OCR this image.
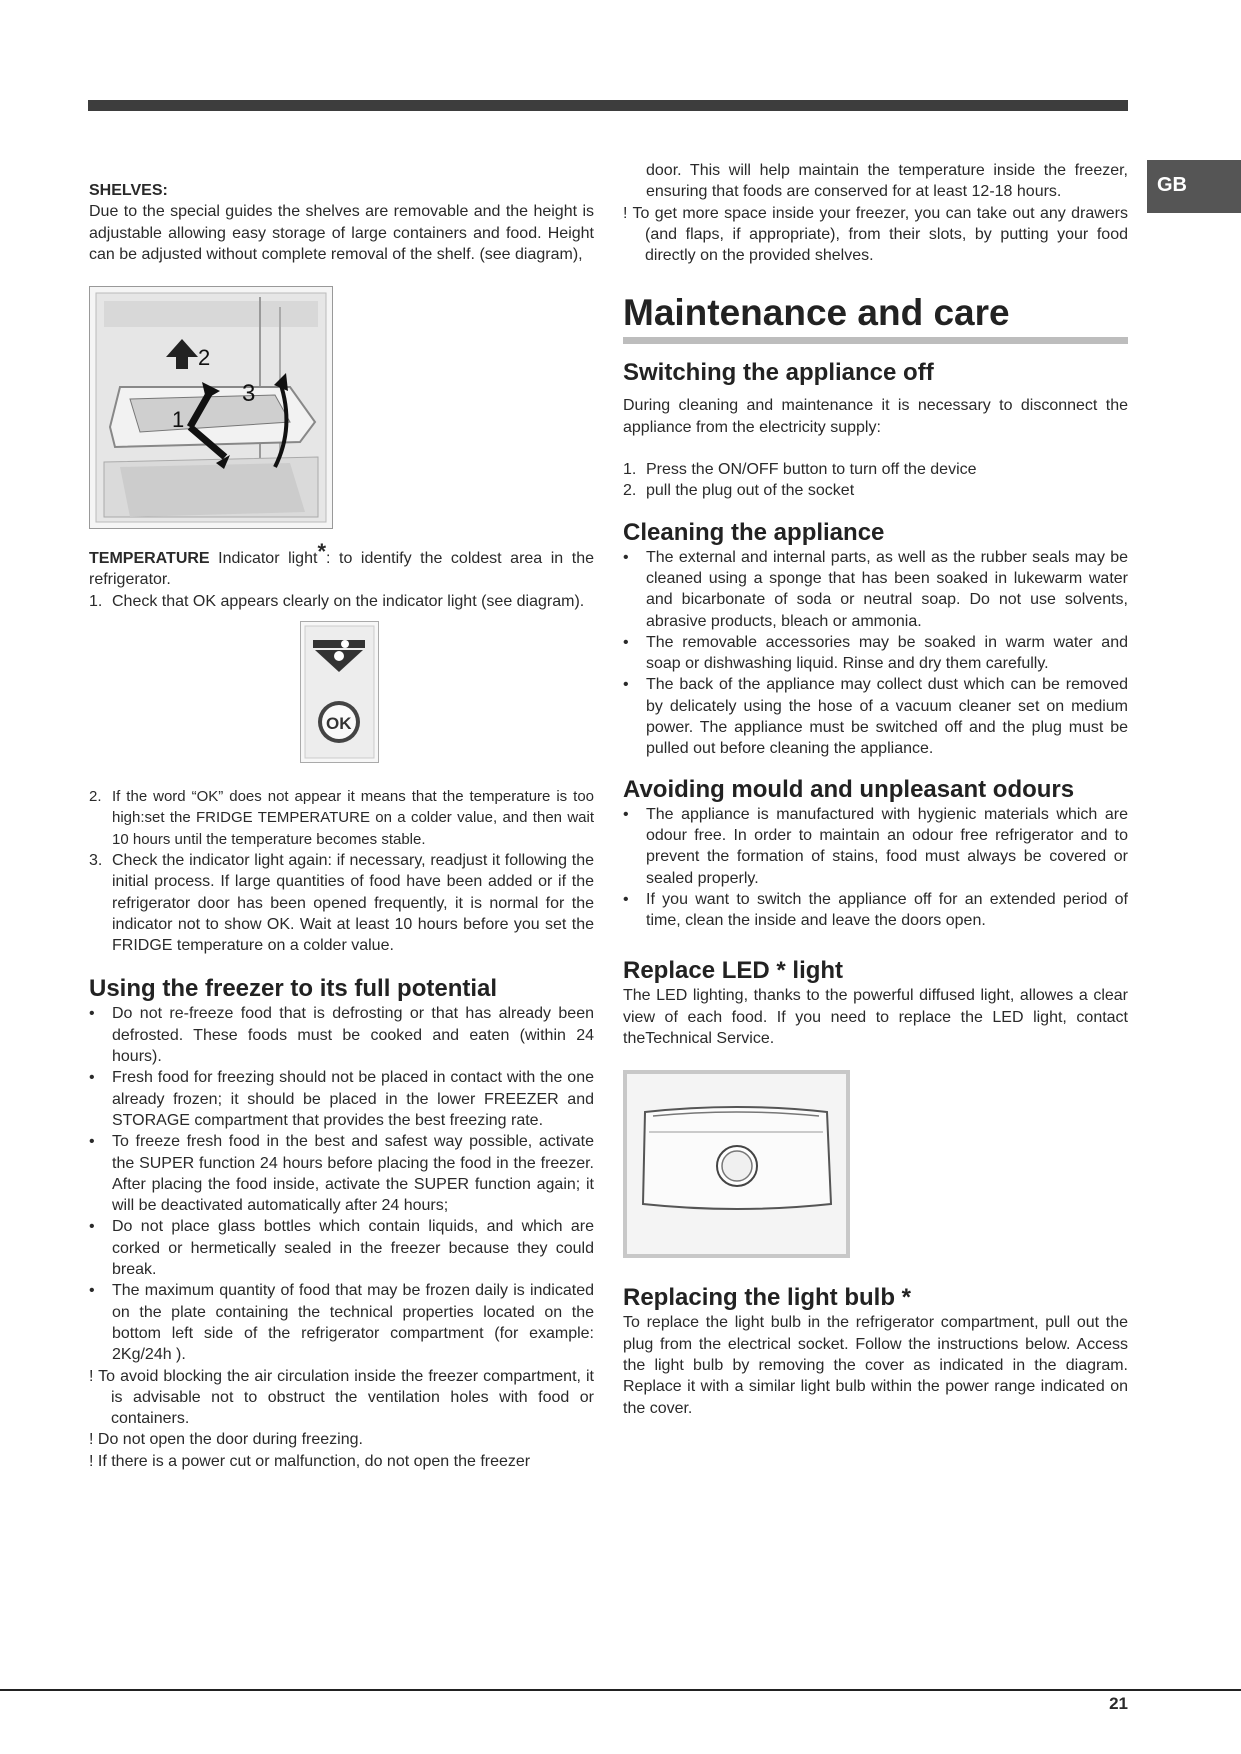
GB

SHELVES:

Due to the special guides the shelves are removable and the height is adjustable allowing easy storage of large containers and food. Height can be adjusted without complete removal of the shelf. (see diagram),

2
3
1

TEMPERATURE Indicator light*: to identify the coldest area in the refrigerator.

1. Check that OK appears clearly on the indicator light (see diagram).
OK
2. If the word “OK” does not appear it means that the temperature is too high:set the FRIDGE TEMPERATURE on a colder value, and then wait 10 hours until the temperature becomes stable.
3. Check the indicator light again: if necessary, readjust it following the initial process. If large quantities of food have been added or if the refrigerator door has been opened frequently, it is normal for the indicator not to show OK. Wait at least 10 hours before you set the FRIDGE temperature on a colder value.
Using the freezer to its full potential
• Do not re-freeze food that is defrosting or that has already been defrosted. These foods must be cooked and eaten (within 24 hours).
• Fresh food for freezing should not be placed in contact with the one already frozen; it should be placed in the lower FREEZER and STORAGE compartment that provides the best freezing rate.
• To freeze fresh food in the best and safest way possible, activate the SUPER function 24 hours before placing the food in the freezer. After placing the food inside, activate the SUPER function again; it will be deactivated automatically after 24 hours;
• Do not place glass bottles which contain liquids, and which are corked or hermetically sealed in the freezer because they could break.
• The maximum quantity of food that may be frozen daily is indicated on the plate containing the technical properties located on the bottom left side of the refrigerator compartment (for example: 2Kg/24h ).

! To avoid blocking the air circulation inside the freezer compartment, it is advisable not to obstruct the ventilation holes with food or containers.

! Do not open the door during freezing.

! If there is a power cut or malfunction, do not open the freezer

door. This will help maintain the temperature inside the freezer, ensuring that foods are conserved for at least 12-18 hours.

! To get more space inside your freezer, you can take out any drawers (and flaps, if appropriate), from their slots, by putting your food directly on the provided shelves.

Maintenance and care
Switching the appliance off

During cleaning and maintenance it is necessary to disconnect the appliance from the electricity supply:

1. Press the ON/OFF button to turn off the device
2. pull the plug out of the socket
Cleaning the appliance
• The external and internal parts, as well as the rubber seals may be cleaned using a sponge that has been soaked in lukewarm water and bicarbonate of soda or neutral soap. Do not use solvents, abrasive products, bleach or ammonia.
• The removable accessories may be soaked in warm water and soap or dishwashing liquid. Rinse and dry them carefully.
• The back of the appliance may collect dust which can be removed by delicately using the hose of a vacuum cleaner set on medium power. The appliance must be switched off and the plug must be pulled out before cleaning the appliance.
Avoiding mould and unpleasant odours
• The appliance is manufactured with hygienic materials which are odour free. In order to maintain an odour free refrigerator and to prevent the formation of stains, food must always be covered or sealed properly.
• If you want to switch the appliance off for an extended period of time, clean the inside and leave the doors open.
Replace LED * light

The LED lighting, thanks to the powerful diffused light, allowes a clear view of each food. If you need to replace the LED light, contact theTechnical Service.

Replacing the light bulb *

To replace the light bulb in the refrigerator compartment, pull out the plug from the electrical socket. Follow the instructions below. Access the light bulb by removing the cover as indicated in the diagram. Replace it with a similar light bulb within the power range indicated on the cover.

21
